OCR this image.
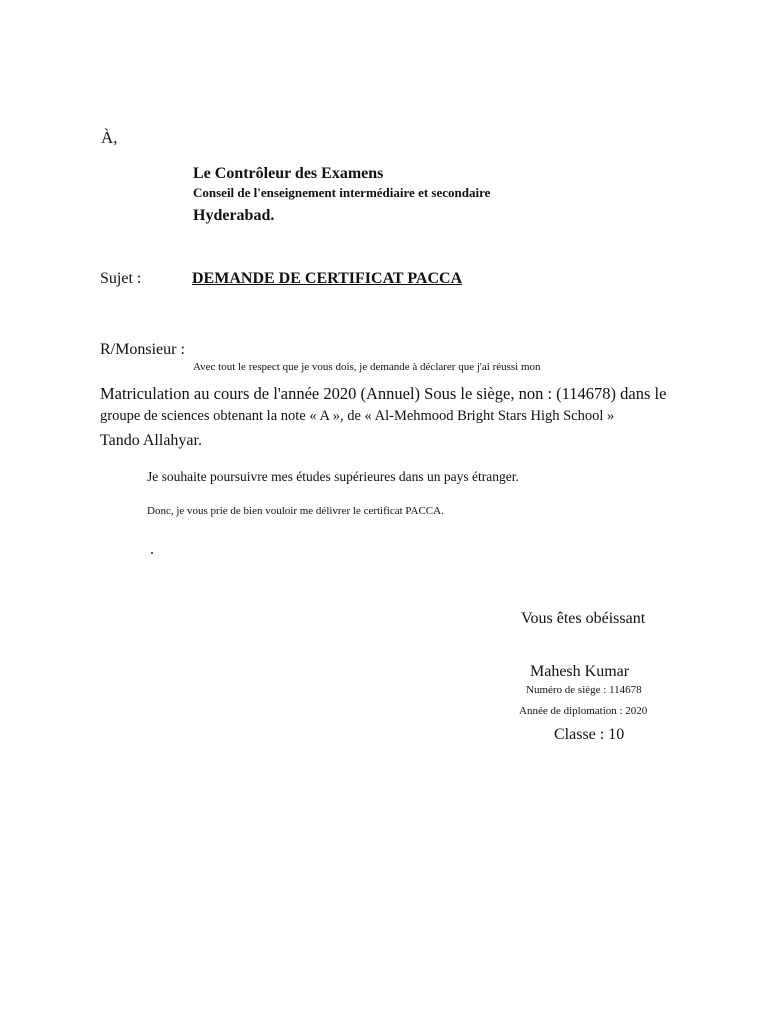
À,
Le Contrôleur des Examens
Conseil de l'enseignement intermédiaire et secondaire
Hyderabad.
Sujet :	DEMANDE DE CERTIFICAT PACCA
R/Monsieur :
Avec tout le respect que je vous dois, je demande à déclarer que j'ai réussi mon
Matriculation au cours de l'année 2020 (Annuel) Sous le siège, non : (114678) dans le
groupe de sciences obtenant la note « A », de « Al-Mehmood Bright Stars High School »
Tando Allahyar.
Je souhaite poursuivre mes études supérieures dans un pays étranger.
Donc, je vous prie de bien vouloir me délivrer le certificat PACCA.
.
Vous êtes obéissant
Mahesh Kumar
Numéro de siège : 114678
Année de diplomation : 2020
Classe : 10
